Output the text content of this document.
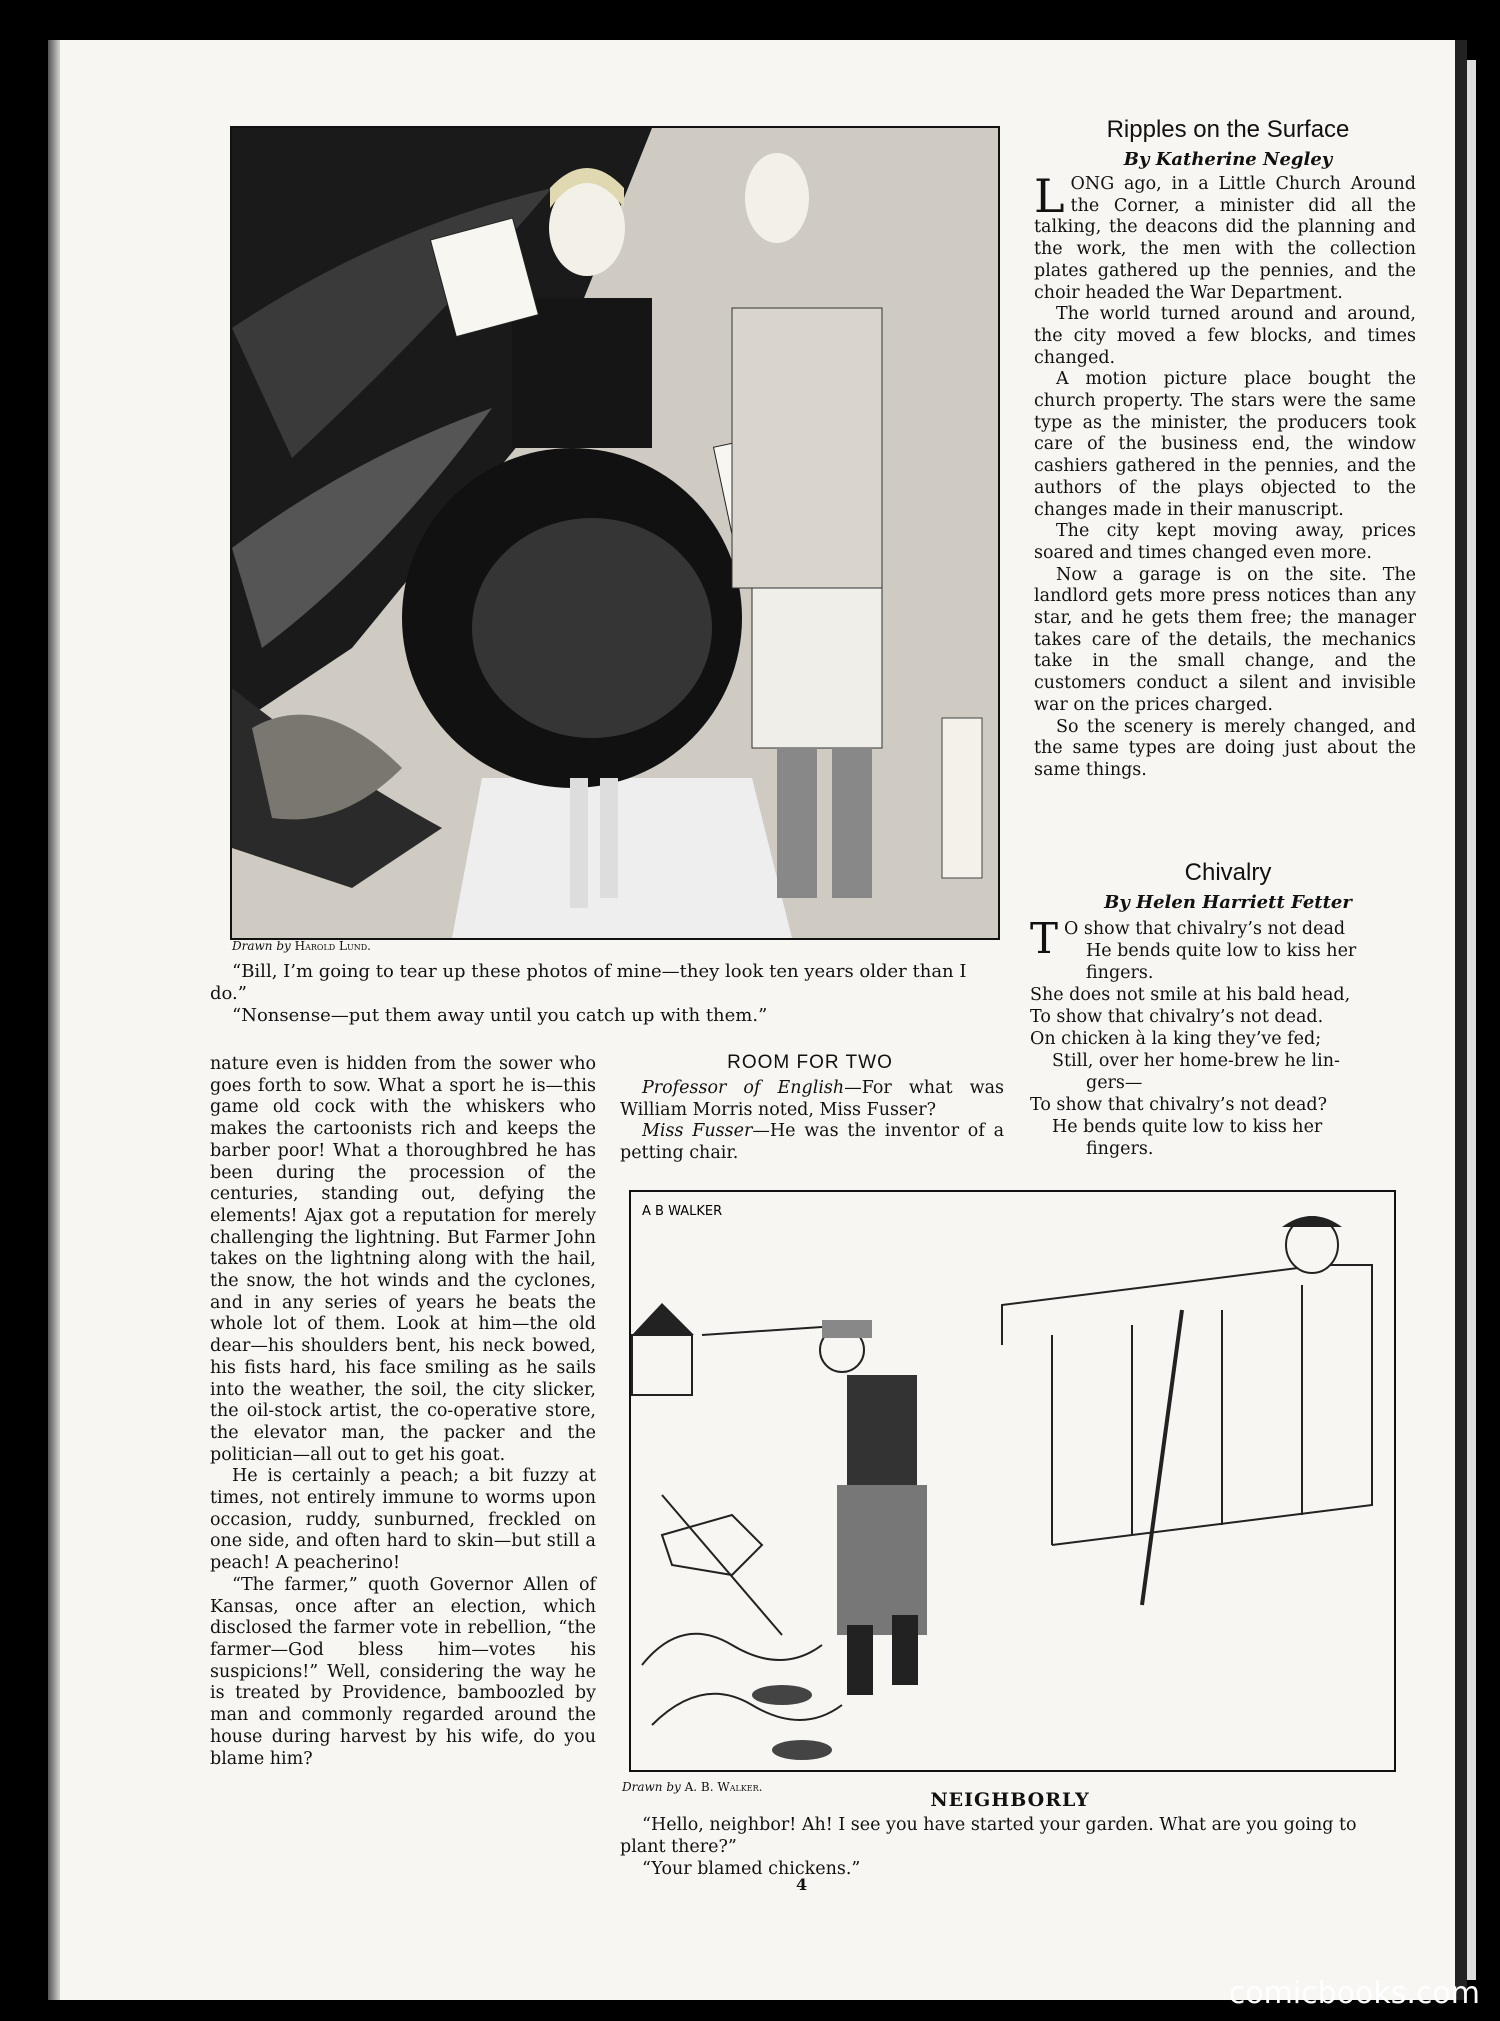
Drawn by Harold Lund.

“Bill, I’m going to tear up these photos of mine—they look ten years older than I do.”

“Nonsense—put them away until you catch up with them.”

Ripples on the Surface
By Katherine Negley

LONG ago, in a Little Church Around the Corner, a minister did all the talking, the deacons did the planning and the work, the men with the collection plates gathered up the pennies, and the choir headed the War Department.

The world turned around and around, the city moved a few blocks, and times changed.

A motion picture place bought the church property. The stars were the same type as the minister, the producers took care of the business end, the window cashiers gathered in the pennies, and the authors of the plays objected to the changes made in their manuscript.

The city kept moving away, prices soared and times changed even more.

Now a garage is on the site. The landlord gets more press notices than any star, and he gets them free; the manager takes care of the details, the mechanics take in the small change, and the customers conduct a silent and invisible war on the prices charged.

So the scenery is merely changed, and the same types are doing just about the same things.

Chivalry
By Helen Harriett Fetter
T O show that chivalry’s not dead
He bends quite low to kiss her
fingers.
She does not smile at his bald head,
To show that chivalry’s not dead.
On chicken à la king they’ve fed;
Still, over her home-brew he lin-
gers—
To show that chivalry’s not dead?
He bends quite low to kiss her
fingers.

nature even is hidden from the sower who goes forth to sow. What a sport he is—this game old cock with the whiskers who makes the cartoonists rich and keeps the barber poor! What a thoroughbred he has been during the procession of the centuries, standing out, defying the elements! Ajax got a reputation for merely challenging the lightning. But Farmer John takes on the lightning along with the hail, the snow, the hot winds and the cyclones, and in any series of years he beats the whole lot of them. Look at him—the old dear—his shoulders bent, his neck bowed, his fists hard, his face smiling as he sails into the weather, the soil, the city slicker, the oil-stock artist, the co-operative store, the elevator man, the packer and the politician—all out to get his goat.

He is certainly a peach; a bit fuzzy at times, not entirely immune to worms upon occasion, ruddy, sunburned, freckled on one side, and often hard to skin—but still a peach! A peacherino!

“The farmer,” quoth Governor Allen of Kansas, once after an election, which disclosed the farmer vote in rebellion, “the farmer—God bless him—votes his suspicions!” Well, considering the way he is treated by Providence, bamboozled by man and commonly regarded around the house during harvest by his wife, do you blame him?

ROOM FOR TWO

Professor of English—For what was William Morris noted, Miss Fusser?

Miss Fusser—He was the inventor of a petting chair.

A B WALKER
Drawn by A. B. Walker.
NEIGHBORLY

“Hello, neighbor! Ah! I see you have started your garden. What are you going to plant there?”

“Your blamed chickens.”

4
comicbooks.com
